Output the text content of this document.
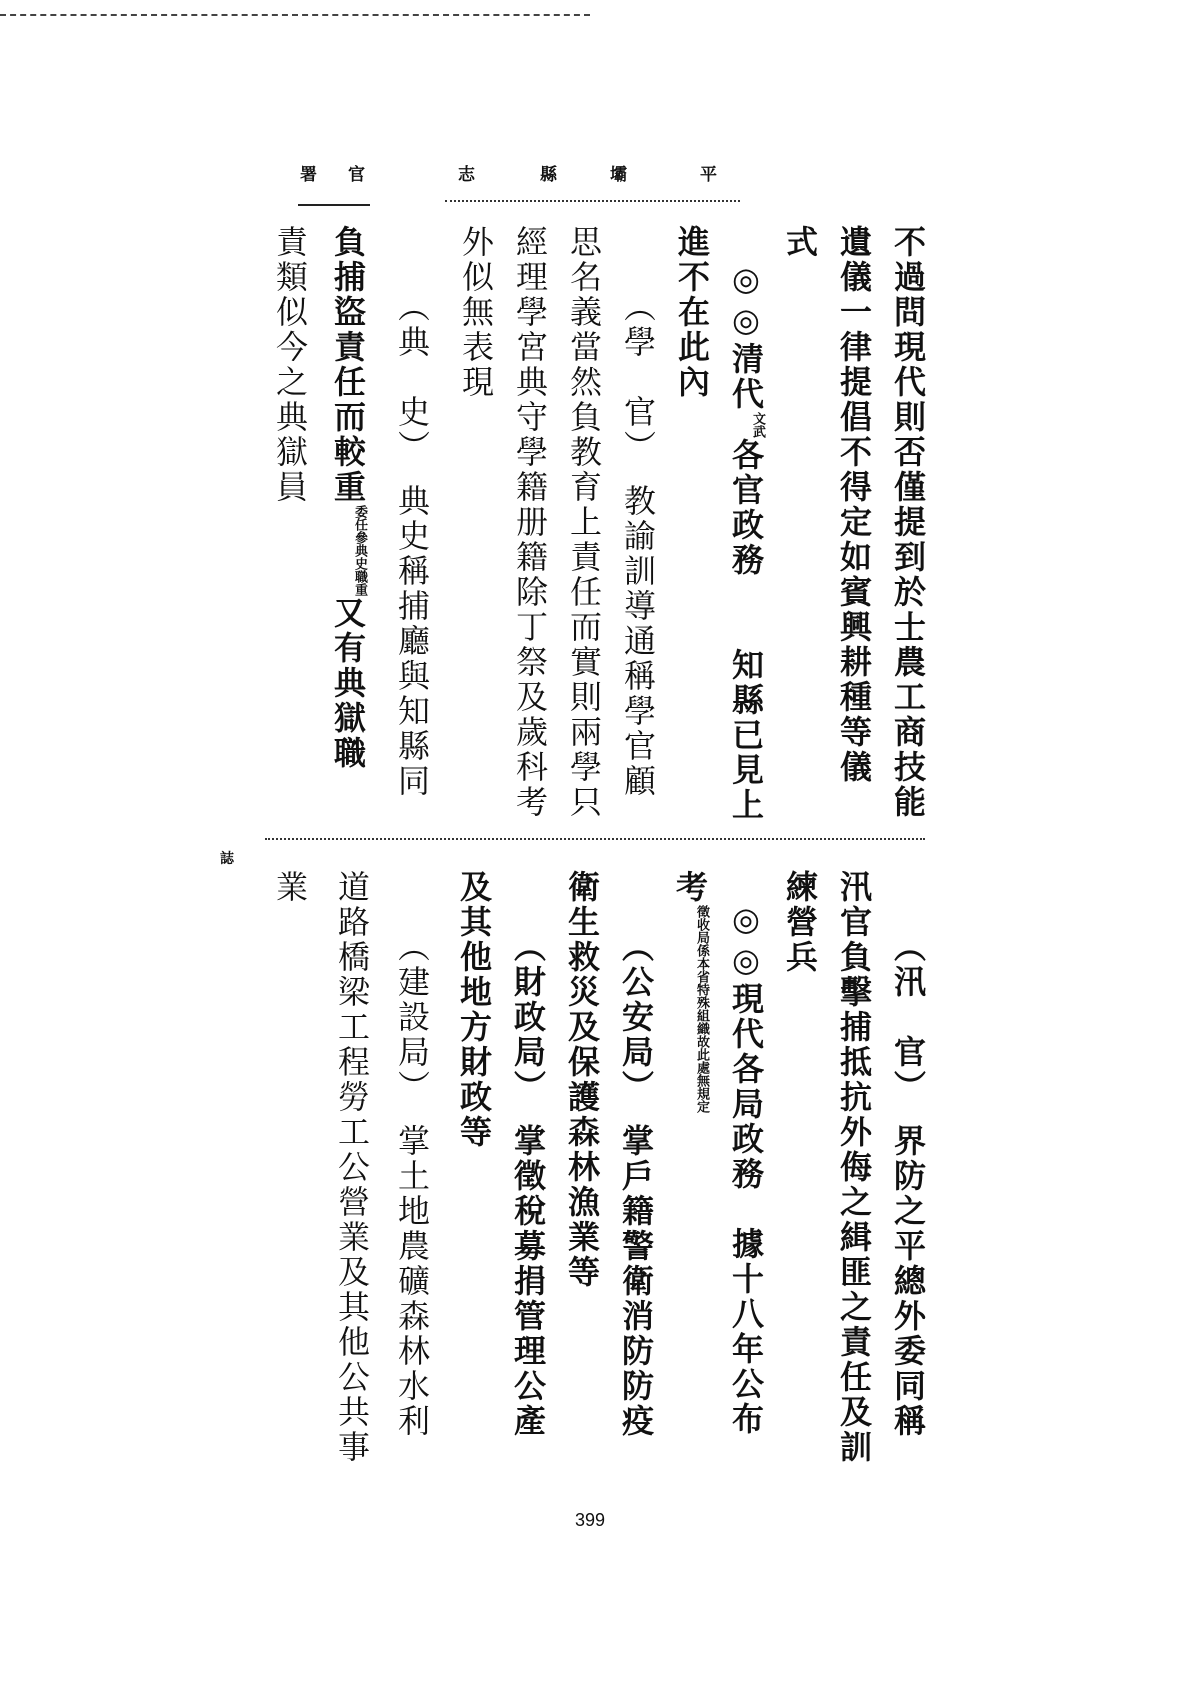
平
壩
縣
志
官
署
不過問現代則否僅提到於士農工商技能
遺儀一律提倡不得定如賓興耕種等儀
式
◎◎清代文武各官政務　　知縣已見上
進不在此內
（學　官）　教諭訓導通稱學官顧
思名義當然負教育上責任而實則兩學只
經理學宮典守學籍册籍除丁祭及歲科考
外似無表現
（典　史）　典史稱捕廳與知縣同
負捕盜責任而較重委任參典史職重又有典獄職
責類似今之典獄員
誌
（汛　官）　界防之平總外委同稱
汛官負擊捕抵抗外侮之緝匪之責任及訓
練營兵
◎◎現代各局政務　據十八年公布
考徵收局係本省特殊組織故此處無規定
（公安局）　掌戶籍警衛消防防疫
衛生救災及保護森林漁業等
（財政局）　掌徵稅募捐管理公產
及其他地方財政等
（建設局）　掌土地農礦森林水利
道路橋梁工程勞工公營業及其他公共事
業
399
